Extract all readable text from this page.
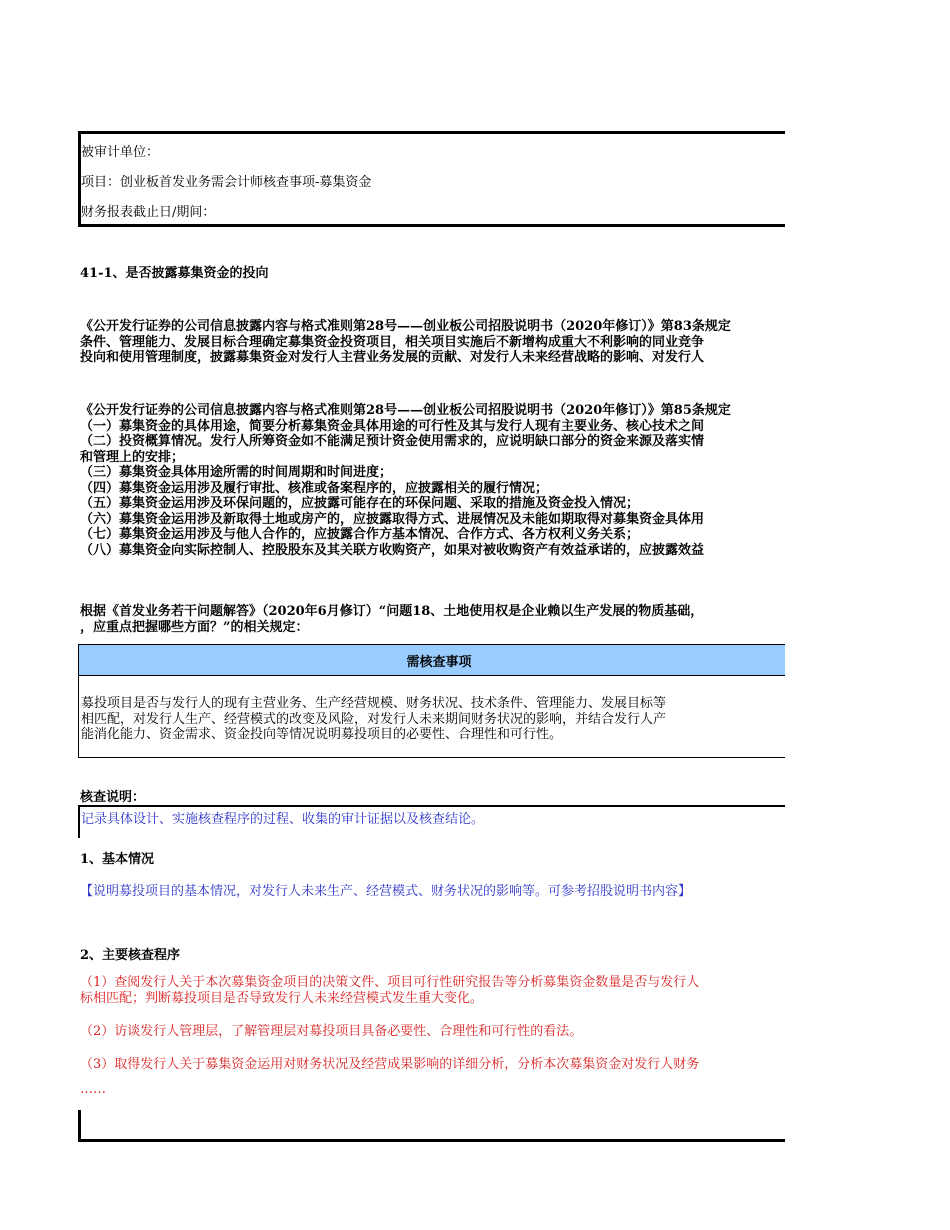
被审计单位：
项目：创业板首发业务需会计师核查事项-募集资金
财务报表截止日/期间：
41-1、是否披露募集资金的投向
《公开发行证券的公司信息披露内容与格式准则第28号——创业板公司招股说明书（2020年修订）》第83条规定
条件、管理能力、发展目标合理确定募集资金投资项目，相关项目实施后不新增构成重大不利影响的同业竞争
投向和使用管理制度，披露募集资金对发行人主营业务发展的贡献、对发行人未来经营战略的影响、对发行人
《公开发行证券的公司信息披露内容与格式准则第28号——创业板公司招股说明书（2020年修订）》第85条规定
（一）募集资金的具体用途，简要分析募集资金具体用途的可行性及其与发行人现有主要业务、核心技术之间
（二）投资概算情况。发行人所筹资金如不能满足预计资金使用需求的，应说明缺口部分的资金来源及落实情
和管理上的安排；
（三）募集资金具体用途所需的时间周期和时间进度；
（四）募集资金运用涉及履行审批、核准或备案程序的，应披露相关的履行情况；
（五）募集资金运用涉及环保问题的，应披露可能存在的环保问题、采取的措施及资金投入情况；
（六）募集资金运用涉及新取得土地或房产的，应披露取得方式、进展情况及未能如期取得对募集资金具体用
（七）募集资金运用涉及与他人合作的，应披露合作方基本情况、合作方式、各方权利义务关系；
（八）募集资金向实际控制人、控股股东及其关联方收购资产，如果对被收购资产有效益承诺的，应披露效益
根据《首发业务若干问题解答》（2020年6月修订）“问题18、土地使用权是企业赖以生产发展的物质基础，
，应重点把握哪些方面？”的相关规定：
需核查事项
募投项目是否与发行人的现有主营业务、生产经营规模、财务状况、技术条件、管理能力、发展目标等
相匹配，对发行人生产、经营模式的改变及风险，对发行人未来期间财务状况的影响，并结合发行人产
能消化能力、资金需求、资金投向等情况说明募投项目的必要性、合理性和可行性。
核查说明：
记录具体设计、实施核查程序的过程、收集的审计证据以及核查结论。
1、基本情况
【说明募投项目的基本情况，对发行人未来生产、经营模式、财务状况的影响等。可参考招股说明书内容】
2、主要核查程序
（1）查阅发行人关于本次募集资金项目的决策文件、项目可行性研究报告等分析募集资金数量是否与发行人
标相匹配；判断募投项目是否导致发行人未来经营模式发生重大变化。
（2）访谈发行人管理层，了解管理层对募投项目具备必要性、合理性和可行性的看法。
（3）取得发行人关于募集资金运用对财务状况及经营成果影响的详细分析，分析本次募集资金对发行人财务
……
